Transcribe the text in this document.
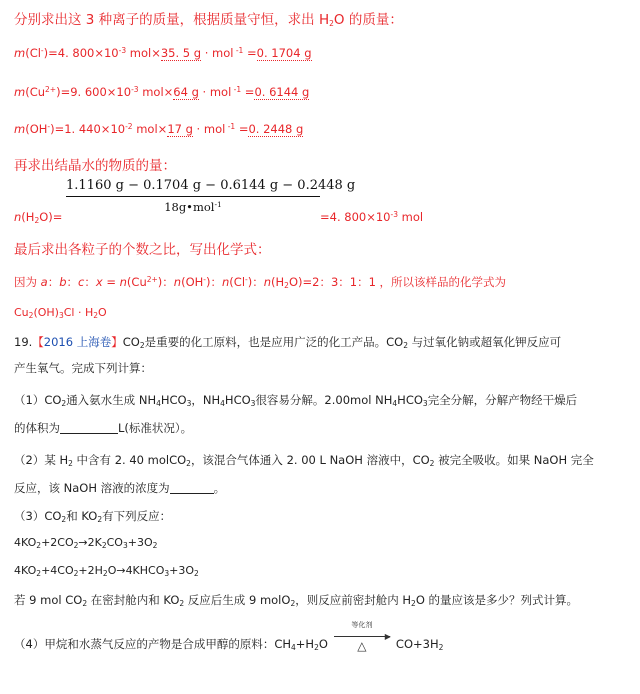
分别求出这 3 种离子的质量，根据质量守恒，求出 $H_2O$ 的质量：
m(Cl-)=4. $800\times 10^{-3}$ mol×35. 5 g · mol $^{-1}$ =0. 1704 g
$m(Cu^{2+})=9$. $600\times 10^{-3}$ mol×64 g · mol $^{-1}$ =0. 6144 g
m(OH-)=1. $440\times 10^{-2}$ mol×17 g · mol $^{-1}$ =0. 2448 g
再求出结晶水的物质的量：
1.1160 g − 0.1704 g − 0.6144 g − 0.2448 g
18g•mol$^{-1}$
$n(H_2O)=$	=4. $800\times 10^{-3}$ mol
最后求出各粒子的个数之比，写出化学式：
因为 a：b：c：$x = n(Cu^{2+})$：n(OH-)：n(Cl-)：$n(H_2O)=2$：3：1：1 ，所以该样品的化学式为
$Cu_2(OH)_3Cl \cdot H_2O$
19.【2016 上海卷】$CO_2$是重要的化工原料，也是应用广泛的化工产品。$CO_2$ 与过氧化钠或超氧化钾反应可
产生氧气。完成下列计算：
$(1)CO_2$通入氨水生成 $NH_4HCO_3$，$NH_4HCO_3$很容易分解。2.00mol $NH_4HCO_3$完全分解，分解产物经干燥后
的体积为	L(标准状况）。
（2）某 $H_2$ 中含有 2. 40 molCO$_2$，该混合气体通入 2. 00 L NaOH 溶液中，$CO_2$ 被完全吸收。如果 NaOH 完全
反应，该 NaOH 溶液的浓度为	。
$(3)CO_2$和 $KO_2$有下列反应：
$4KO_2+2CO_2\to 2K_2CO_3+3O_2$
$4KO_2+4CO_2+2H_2O\to 4KHCO_3+3O_2$
若 9 mol $CO_2$ 在密封舱内和 $KO_2$ 反应后生成 9 molO$_2$，则反应前密封舱内 $H_2O$ 的量应该是多少？列式计算。
（4）甲烷和水蒸气反应的产物是合成甲醇的原料：$CH_4+H_2O$
等化剂
▶
△	$CO+3H_2$
